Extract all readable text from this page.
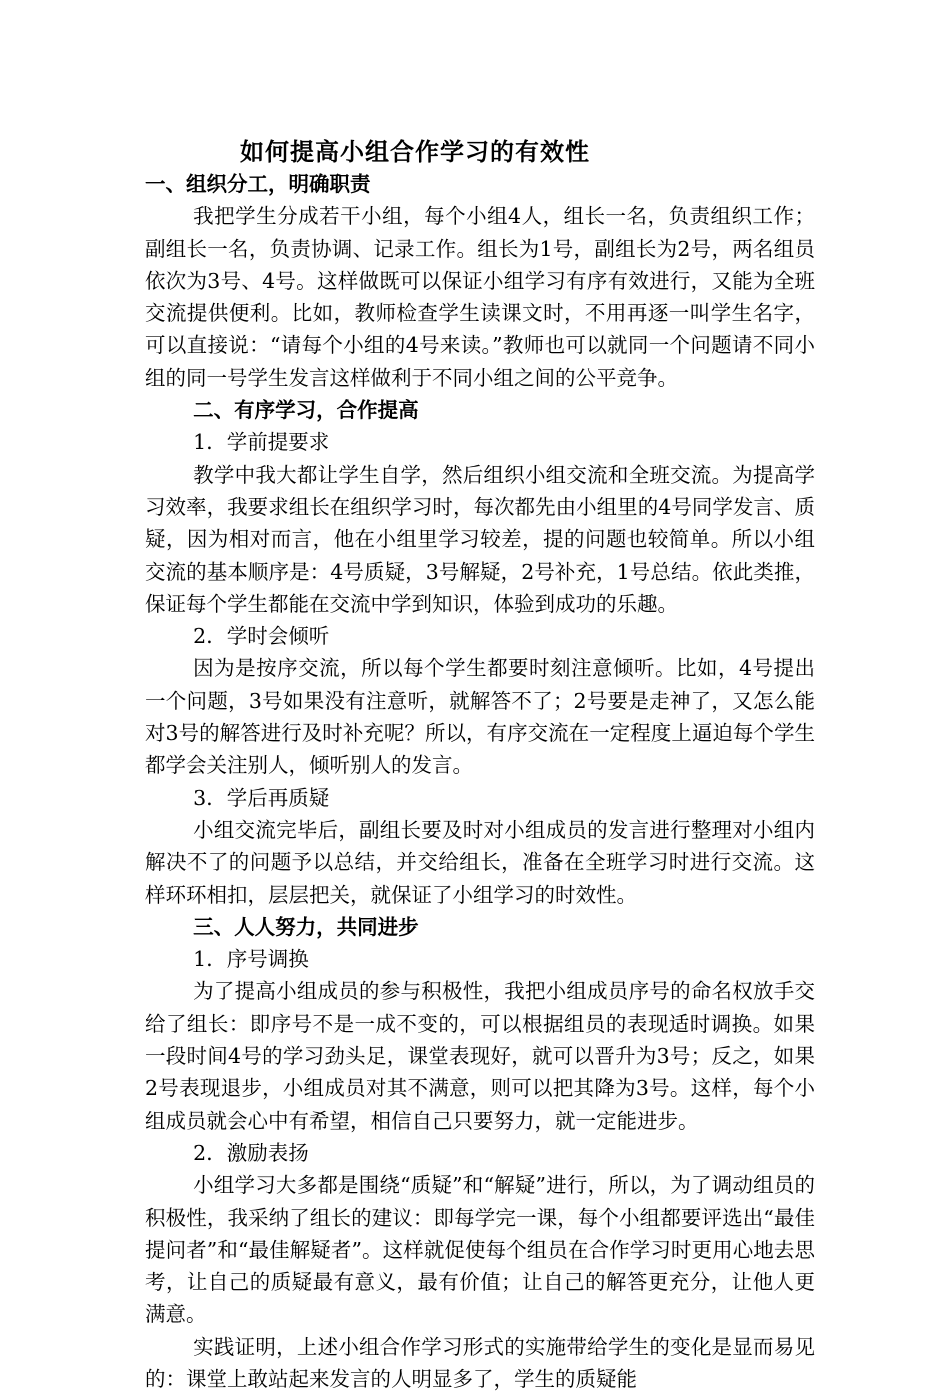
如何提高小组合作学习的有效性

一、组织分工，明确职责

我把学生分成若干小组，每个小组4人，组长一名，负责组织工作；副组长一名，负责协调、记录工作。组长为1号，副组长为2号，两名组员依次为3号、4号。这样做既可以保证小组学习有序有效进行，又能为全班交流提供便利。比如，教师检查学生读课文时，不用再逐一叫学生名字，可以直接说：“请每个小组的4号来读。”教师也可以就同一个问题请不同小组的同一号学生发言这样做利于不同小组之间的公平竞争。

二、有序学习，合作提高

1．学前提要求

教学中我大都让学生自学，然后组织小组交流和全班交流。为提高学习效率，我要求组长在组织学习时，每次都先由小组里的4号同学发言、质疑，因为相对而言，他在小组里学习较差，提的问题也较简单。所以小组交流的基本顺序是：4号质疑，3号解疑，2号补充，1号总结。依此类推，保证每个学生都能在交流中学到知识，体验到成功的乐趣。

2．学时会倾听

因为是按序交流，所以每个学生都要时刻注意倾听。比如，4号提出一个问题，3号如果没有注意听，就解答不了；2号要是走神了，又怎么能对3号的解答进行及时补充呢？所以，有序交流在一定程度上逼迫每个学生都学会关注别人，倾听别人的发言。

3．学后再质疑

小组交流完毕后，副组长要及时对小组成员的发言进行整理对小组内解决不了的问题予以总结，并交给组长，准备在全班学习时进行交流。这样环环相扣，层层把关，就保证了小组学习的时效性。

三、人人努力，共同进步

1．序号调换

为了提高小组成员的参与积极性，我把小组成员序号的命名权放手交给了组长：即序号不是一成不变的，可以根据组员的表现适时调换。如果一段时间4号的学习劲头足，课堂表现好，就可以晋升为3号；反之，如果2号表现退步，小组成员对其不满意，则可以把其降为3号。这样，每个小组成员就会心中有希望，相信自己只要努力，就一定能进步。

2．激励表扬

小组学习大多都是围绕“质疑”和“解疑”进行，所以，为了调动组员的积极性，我采纳了组长的建议：即每学完一课，每个小组都要评选出“最佳提问者”和“最佳解疑者”。这样就促使每个组员在合作学习时更用心地去思考，让自己的质疑最有意义，最有价值；让自己的解答更充分，让他人更满意。

实践证明，上述小组合作学习形式的实施带给学生的变化是显而易见的：课堂上敢站起来发言的人明显多了，学生的质疑能
